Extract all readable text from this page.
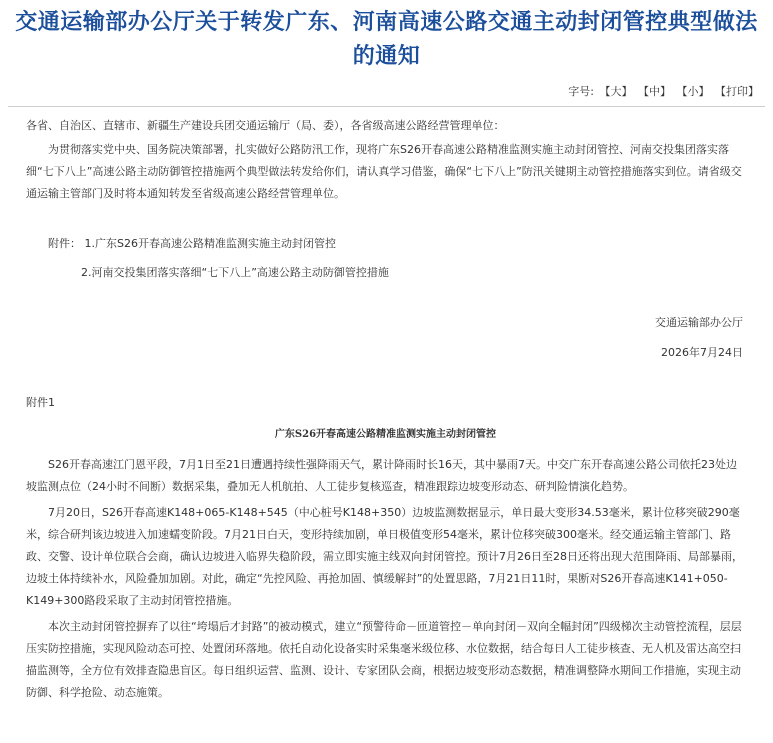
交通运输部办公厅关于转发广东、河南高速公路交通主动封闭管控典型做法的通知
字号: 【大】 【中】 【小】 【打印】
各省、自治区、直辖市、新疆生产建设兵团交通运输厅（局、委），各省级高速公路经营管理单位：

为贯彻落实党中央、国务院决策部署，扎实做好公路防汛工作，现将广东S26开春高速公路精准监测实施主动封闭管控、河南交投集团落实落细“七下八上”高速公路主动防御管控措施两个典型做法转发给你们，请认真学习借鉴，确保“七下八上”防汛关键期主动管控措施落实到位。请省级交通运输主管部门及时将本通知转发至省级高速公路经营管理单位。

附件： 1.广东S26开春高速公路精准监测实施主动封闭管控
2.河南交投集团落实落细“七下八上”高速公路主动防御管控措施
交通运输部办公厅
2026年7月24日
附件1
广东S26开春高速公路精准监测实施主动封闭管控

S26开春高速江门恩平段，7月1日至21日遭遇持续性强降雨天气，累计降雨时长16天，其中暴雨7天。中交广东开春高速公路公司依托23处边坡监测点位（24小时不间断）数据采集，叠加无人机航拍、人工徒步复核巡查，精准跟踪边坡变形动态、研判险情演化趋势。

7月20日，S26开春高速K148+065-K148+545（中心桩号K148+350）边坡监测数据显示，单日最大变形34.53毫米，累计位移突破290毫米，综合研判该边坡进入加速蠕变阶段。7月21日白天，变形持续加剧，单日极值变形54毫米，累计位移突破300毫米。经交通运输主管部门、路政、交警、设计单位联合会商，确认边坡进入临界失稳阶段，需立即实施主线双向封闭管控。预计7月26日至28日还将出现大范围降雨、局部暴雨，边坡土体持续补水，风险叠加加剧。对此，确定“先控风险、再抢加固、慎缓解封”的处置思路，7月21日11时，果断对S26开春高速K141+050-K149+300路段采取了主动封闭管控措施。

本次主动封闭管控摒弃了以往“垮塌后才封路”的被动模式，建立“预警待命－匝道管控－单向封闭－双向全幅封闭”四级梯次主动管控流程，层层压实防控措施，实现风险动态可控、处置闭环落地。依托自动化设备实时采集毫米级位移、水位数据，结合每日人工徒步核查、无人机及雷达高空扫描监测等，全方位有效排查隐患盲区。每日组织运营、监测、设计、专家团队会商，根据边坡变形动态数据，精准调整降水期间工作措施，实现主动防御、科学抢险、动态施策。
